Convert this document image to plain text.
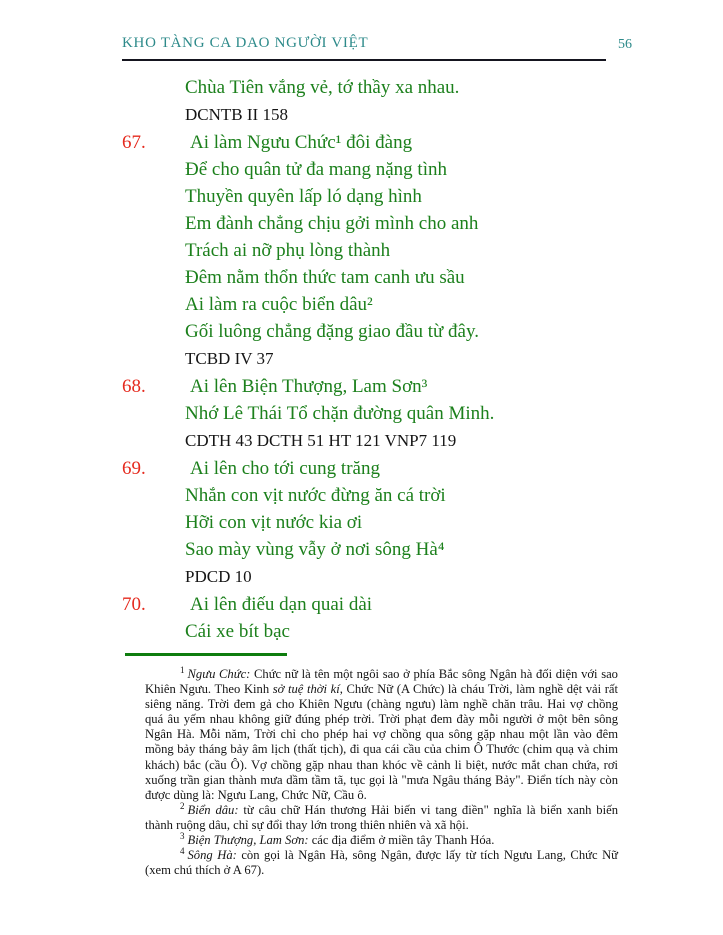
KHO TÀNG CA DAO NGƯỜI VIỆT	56
Chùa Tiên vắng vẻ, tớ thầy xa nhau.

DCNTB II 158

67. Ai làm Ngưu Chức¹ đôi đàng
Để cho quân tử đa mang nặng tình
Thuyền quyên lấp ló dạng hình
Em đành chẳng chịu gởi mình cho anh
Trách ai nỡ phụ lòng thành
Đêm nằm thổn thức tam canh ưu sầu
Ai làm ra cuộc biển dâu²
Gối luông chẳng đặng giao đầu từ đây.

TCBD IV 37

68. Ai lên Biện Thượng, Lam Sơn³
Nhớ Lê Thái Tổ chặn đường quân Minh.

CDTH 43 DCTH 51 HT 121 VNP7 119

69. Ai lên cho tới cung trăng
Nhắn con vịt nước đừng ăn cá trời
Hỡi con vịt nước kia ơi
Sao mày vùng vẫy ở nơi sông Hà⁴

PDCD 10

70. Ai lên điếu dạn quai dài
Cái xe bít bạc

$^1$ Ngưu Chức: Chức nữ là tên một ngôi sao ở phía Bắc sông Ngân hà đối diện với sao Khiên Ngưu. Theo Kinh sở tuệ thời kí, Chức Nữ (A Chức) là cháu Trời, làm nghề dệt vải rất siêng năng. Trời đem gả cho Khiên Ngưu (chàng ngưu) làm nghề chăn trâu. Hai vợ chồng quá âu yếm nhau không giữ đúng phép trời. Trời phạt đem đày mỗi người ở một bên sông Ngân Hà. Mỗi năm, Trời chỉ cho phép hai vợ chồng qua sông gặp nhau một lần vào đêm mồng bảy tháng bảy âm lịch (thất tịch), đi qua cái cầu của chim Ô Thước (chim quạ và chim khách) bắc (cầu Ô). Vợ chồng gặp nhau than khóc về cảnh li biệt, nước mắt chan chứa, rơi xuống trần gian thành mưa dầm tầm tã, tục gọi là "mưa Ngâu tháng Bảy". Điển tích này còn được dùng là: Ngưu Lang, Chức Nữ, Cầu ô.

$^2$ Biển dâu: từ câu chữ Hán thương Hải biến vi tang điền" nghĩa là biển xanh biến thành ruộng dâu, chỉ sự đổi thay lớn trong thiên nhiên và xã hội.

$^3$ Biện Thượng, Lam Sơn: các địa điểm ở miền tây Thanh Hóa.

$^4$ Sông Hà: còn gọi là Ngân Hà, sông Ngân, được lấy từ tích Ngưu Lang, Chức Nữ (xem chú thích ở A 67).
